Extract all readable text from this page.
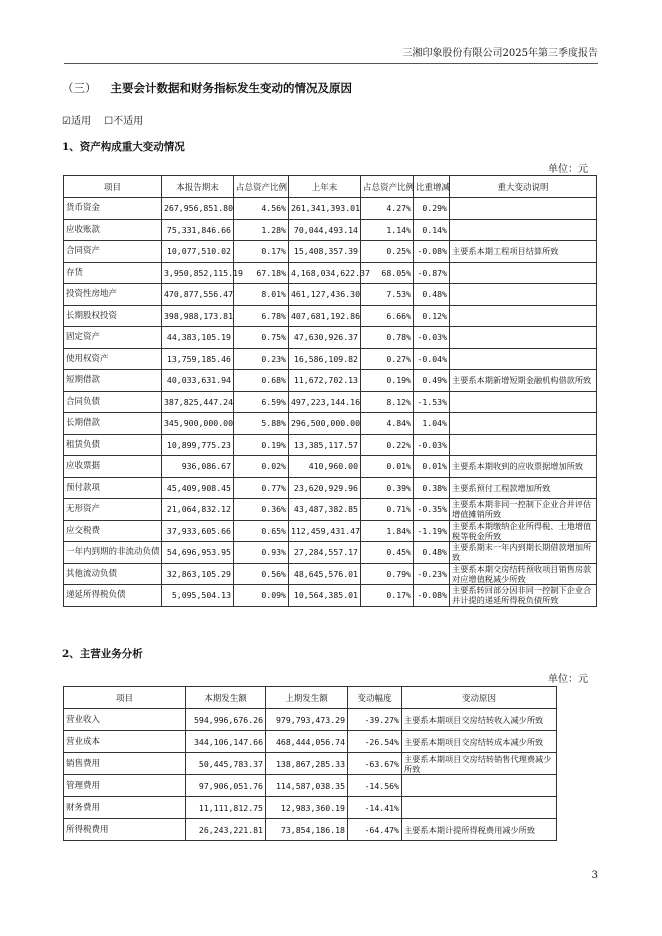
三湘印象股份有限公司2025年第三季度报告
（三） 主要会计数据和财务指标发生变动的情况及原因
☑适用 ☐不适用
1、资产构成重大变动情况
单位：元
项目	本报告期末	占总资产比例	上年末	占总资产比例	比重增减	重大变动说明
货币资金	267,956,851.80	4.56%	261,341,393.01	4.27%	0.29%	
应收账款	75,331,846.66	1.28%	70,044,493.14	1.14%	0.14%	
合同资产	10,077,510.02	0.17%	15,408,357.39	0.25%	-0.08%	主要系本期工程项目结算所致
存货	3,950,852,115.19	67.18%	4,168,034,622.37	68.05%	-0.87%	
投资性房地产	470,877,556.47	8.01%	461,127,436.30	7.53%	0.48%	
长期股权投资	398,988,173.81	6.78%	407,681,192.86	6.66%	0.12%	
固定资产	44,383,105.19	0.75%	47,630,926.37	0.78%	-0.03%	
使用权资产	13,759,185.46	0.23%	16,586,109.82	0.27%	-0.04%	
短期借款	40,033,631.94	0.68%	11,672,702.13	0.19%	0.49%	主要系本期新增短期金融机构借款所致
合同负债	387,825,447.24	6.59%	497,223,144.16	8.12%	-1.53%	
长期借款	345,900,000.00	5.88%	296,500,000.00	4.84%	1.04%	
租赁负债	10,899,775.23	0.19%	13,385,117.57	0.22%	-0.03%	
应收票据	936,086.67	0.02%	410,960.00	0.01%	0.01%	主要系本期收到的应收票据增加所致
预付款项	45,409,908.45	0.77%	23,620,929.96	0.39%	0.38%	主要系预付工程款增加所致
无形资产	21,064,832.12	0.36%	43,487,382.85	0.71%	-0.35%	主要系本期非同一控制下企业合并评估增值摊销所致
应交税费	37,933,605.66	0.65%	112,459,431.47	1.84%	-1.19%	主要系本期缴纳企业所得税、土地增值税等税金所致
一年内到期的非流动负债	54,696,953.95	0.93%	27,284,557.17	0.45%	0.48%	主要系期末一年内到期长期借款增加所致
其他流动负债	32,863,105.29	0.56%	48,645,576.01	0.79%	-0.23%	主要系本期交房结转预收项目销售房款对应增值税减少所致
递延所得税负债	5,095,504.13	0.09%	10,564,385.01	0.17%	-0.08%	主要系转回部分因非同一控制下企业合并计提的递延所得税负债所致
2、主营业务分析
单位：元
项目	本期发生额	上期发生额	变动幅度	变动原因
营业收入	594,996,676.26	979,793,473.29	-39.27%	主要系本期项目交房结转收入减少所致
营业成本	344,106,147.66	468,444,056.74	-26.54%	主要系本期项目交房结转成本减少所致
销售费用	50,445,783.37	138,867,285.33	-63.67%	主要系本期项目交房结转销售代理费减少所致
管理费用	97,906,051.76	114,587,038.35	-14.56%	
财务费用	11,111,812.75	12,983,360.19	-14.41%	
所得税费用	26,243,221.81	73,854,186.18	-64.47%	主要系本期计提所得税费用减少所致
3
